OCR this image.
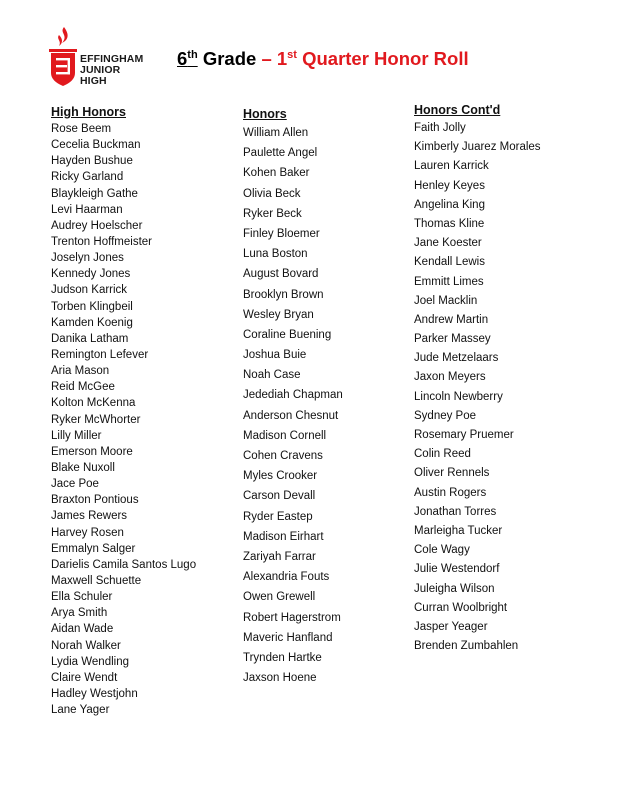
EFFINGHAM
JUNIOR
HIGH
6th Grade – 1st Quarter Honor Roll
High Honors
Rose Beem
Cecelia Buckman
Hayden Bushue
Ricky Garland
Blaykleigh Gathe
Levi Haarman
Audrey Hoelscher
Trenton Hoffmeister
Joselyn Jones
Kennedy Jones
Judson Karrick
Torben Klingbeil
Kamden Koenig
Danika Latham
Remington Lefever
Aria Mason
Reid McGee
Kolton McKenna
Ryker McWhorter
Lilly Miller
Emerson Moore
Blake Nuxoll
Jace Poe
Braxton Pontious
James Rewers
Harvey Rosen
Emmalyn Salger
Darielis Camila Santos Lugo
Maxwell Schuette
Ella Schuler
Arya Smith
Aidan Wade
Norah Walker
Lydia Wendling
Claire Wendt
Hadley Westjohn
Lane Yager
Honors
William Allen
Paulette Angel
Kohen Baker
Olivia Beck
Ryker Beck
Finley Bloemer
Luna Boston
August Bovard
Brooklyn Brown
Wesley Bryan
Coraline Buening
Joshua Buie
Noah Case
Jedediah Chapman
Anderson Chesnut
Madison Cornell
Cohen Cravens
Myles Crooker
Carson Devall
Ryder Eastep
Madison Eirhart
Zariyah Farrar
Alexandria Fouts
Owen Grewell
Robert Hagerstrom
Maveric Hanfland
Trynden Hartke
Jaxson Hoene
Honors Cont'd
Faith Jolly
Kimberly Juarez Morales
Lauren Karrick
Henley Keyes
Angelina King
Thomas Kline
Jane Koester
Kendall Lewis
Emmitt Limes
Joel Macklin
Andrew Martin
Parker Massey
Jude Metzelaars
Jaxon Meyers
Lincoln Newberry
Sydney Poe
Rosemary Pruemer
Colin Reed
Oliver Rennels
Austin Rogers
Jonathan Torres
Marleigha Tucker
Cole Wagy
Julie Westendorf
Juleigha Wilson
Curran Woolbright
Jasper Yeager
Brenden Zumbahlen
